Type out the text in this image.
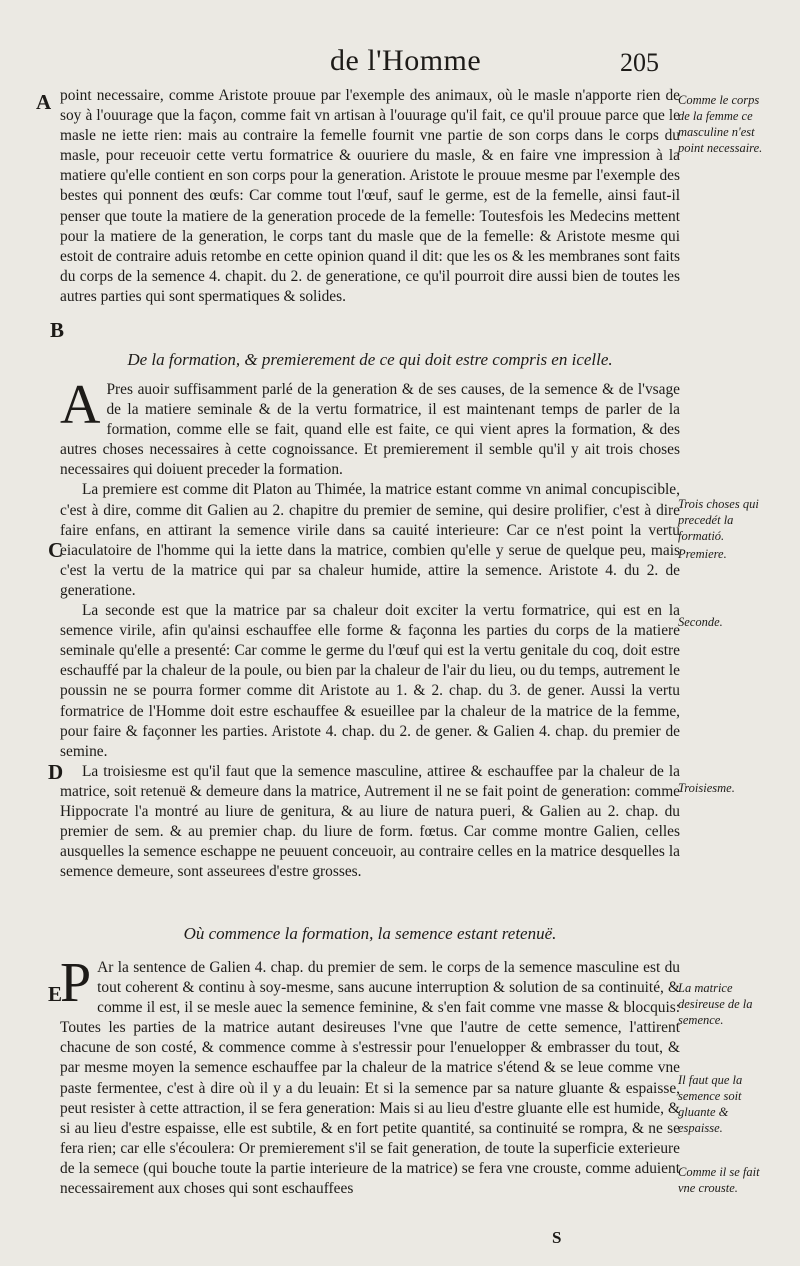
de l'Homme	205
A
B
C
D
E

point necessaire, comme Aristote prouue par l'exemple des animaux, où le masle n'apporte rien de soy à l'ouurage que la façon, comme fait vn artisan à l'ouurage qu'il fait, ce qu'il prouue parce que le masle ne iette rien: mais au contraire la femelle fournit vne partie de son corps dans le corps du masle, pour receuoir cette vertu formatrice & ouuriere du masle, & en faire vne impression à la matiere qu'elle contient en son corps pour la generation. Aristote le prouue mesme par l'exemple des bestes qui ponnent des œufs: Car comme tout l'œuf, sauf le germe, est de la femelle, ainsi faut-il penser que toute la matiere de la generation procede de la femelle: Toutesfois les Medecins mettent pour la matiere de la generation, le corps tant du masle que de la femelle: & Aristote mesme qui estoit de contraire aduis retombe en cette opinion quand il dit: que les os & les membranes sont faits du corps de la semence 4. chapit. du 2. de generatione, ce qu'il pourroit dire aussi bien de toutes les autres parties qui sont spermatiques & solides.

De la formation, & premierement de ce qui doit estre compris en icelle.

A Pres auoir suffisamment parlé de la generation & de ses causes, de la semence & de l'vsage de la matiere seminale & de la vertu formatrice, il est maintenant temps de parler de la formation, comme elle se fait, quand elle est faite, ce qui vient apres la formation, & des autres choses necessaires à cette cognoissance. Et premierement il semble qu'il y ait trois choses necessaires qui doiuent preceder la formation.

La premiere est comme dit Platon au Thimée, la matrice estant comme vn animal concupiscible, c'est à dire, comme dit Galien au 2. chapitre du premier de semine, qui desire prolifier, c'est à dire faire enfans, en attirant la semence virile dans sa cauité interieure: Car ce n'est point la vertu eiaculatoire de l'homme qui la iette dans la matrice, combien qu'elle y serue de quelque peu, mais c'est la vertu de la matrice qui par sa chaleur humide, attire la semence. Aristote 4. du 2. de generatione.

La seconde est que la matrice par sa chaleur doit exciter la vertu formatrice, qui est en la semence virile, afin qu'ainsi eschauffee elle forme & façonna les parties du corps de la matiere seminale qu'elle a presenté: Car comme le germe du l'œuf qui est la vertu genitale du coq, doit estre eschauffé par la chaleur de la poule, ou bien par la chaleur de l'air du lieu, ou du temps, autrement le poussin ne se pourra former comme dit Aristote au 1. & 2. chap. du 3. de gener. Aussi la vertu formatrice de l'Homme doit estre eschauffee & esueillee par la chaleur de la matrice de la femme, pour faire & façonner les parties. Aristote 4. chap. du 2. de gener. & Galien 4. chap. du premier de semine.

La troisiesme est qu'il faut que la semence masculine, attiree & eschauffee par la chaleur de la matrice, soit retenuë & demeure dans la matrice, Autrement il ne se fait point de generation: comme Hippocrate l'a montré au liure de genitura, & au liure de natura pueri, & Galien au 2. chap. du premier de sem. & au premier chap. du liure de form. fœtus. Car comme montre Galien, celles ausquelles la semence eschappe ne peuuent conceuoir, au contraire celles en la matrice desquelles la semence demeure, sont asseurees d'estre grosses.

Où commence la formation, la semence estant retenuë.

P Ar la sentence de Galien 4. chap. du premier de sem. le corps de la semence masculine est du tout coherent & continu à soy-mesme, sans aucune interruption & solution de sa continuité, & comme il est, il se mesle auec la semence feminine, & s'en fait comme vne masse & blocquis: Toutes les parties de la matrice autant desireuses l'vne que l'autre de cette semence, l'attirent chacune de son costé, & commence comme à s'estressir pour l'enuelopper & embrasser du tout, & par mesme moyen la semence eschauffee par la chaleur de la matrice s'étend & se leue comme vne paste fermentee, c'est à dire où il y a du leuain: Et si la semence par sa nature gluante & espaisse, peut resister à cette attraction, il se fera generation: Mais si au lieu d'estre gluante elle est humide, & si au lieu d'estre espaisse, elle est subtile, & en fort petite quantité, sa continuité se rompra, & ne se fera rien; car elle s'écoulera: Or premierement s'il se fait generation, de toute la superficie exterieure de la semece (qui bouche toute la partie interieure de la matrice) se fera vne crouste, comme aduient necessairement aux choses qui sont eschauffees

Comme le corps de la femme ce masculine n'est point necessaire.
Trois choses qui precedét la formatió.
Premiere.
Seconde.
Troisiesme.
La matrice desireuse de la semence.
Il faut que la semence soit gluante & espaisse.
Comme il se fait vne crouste.
S
